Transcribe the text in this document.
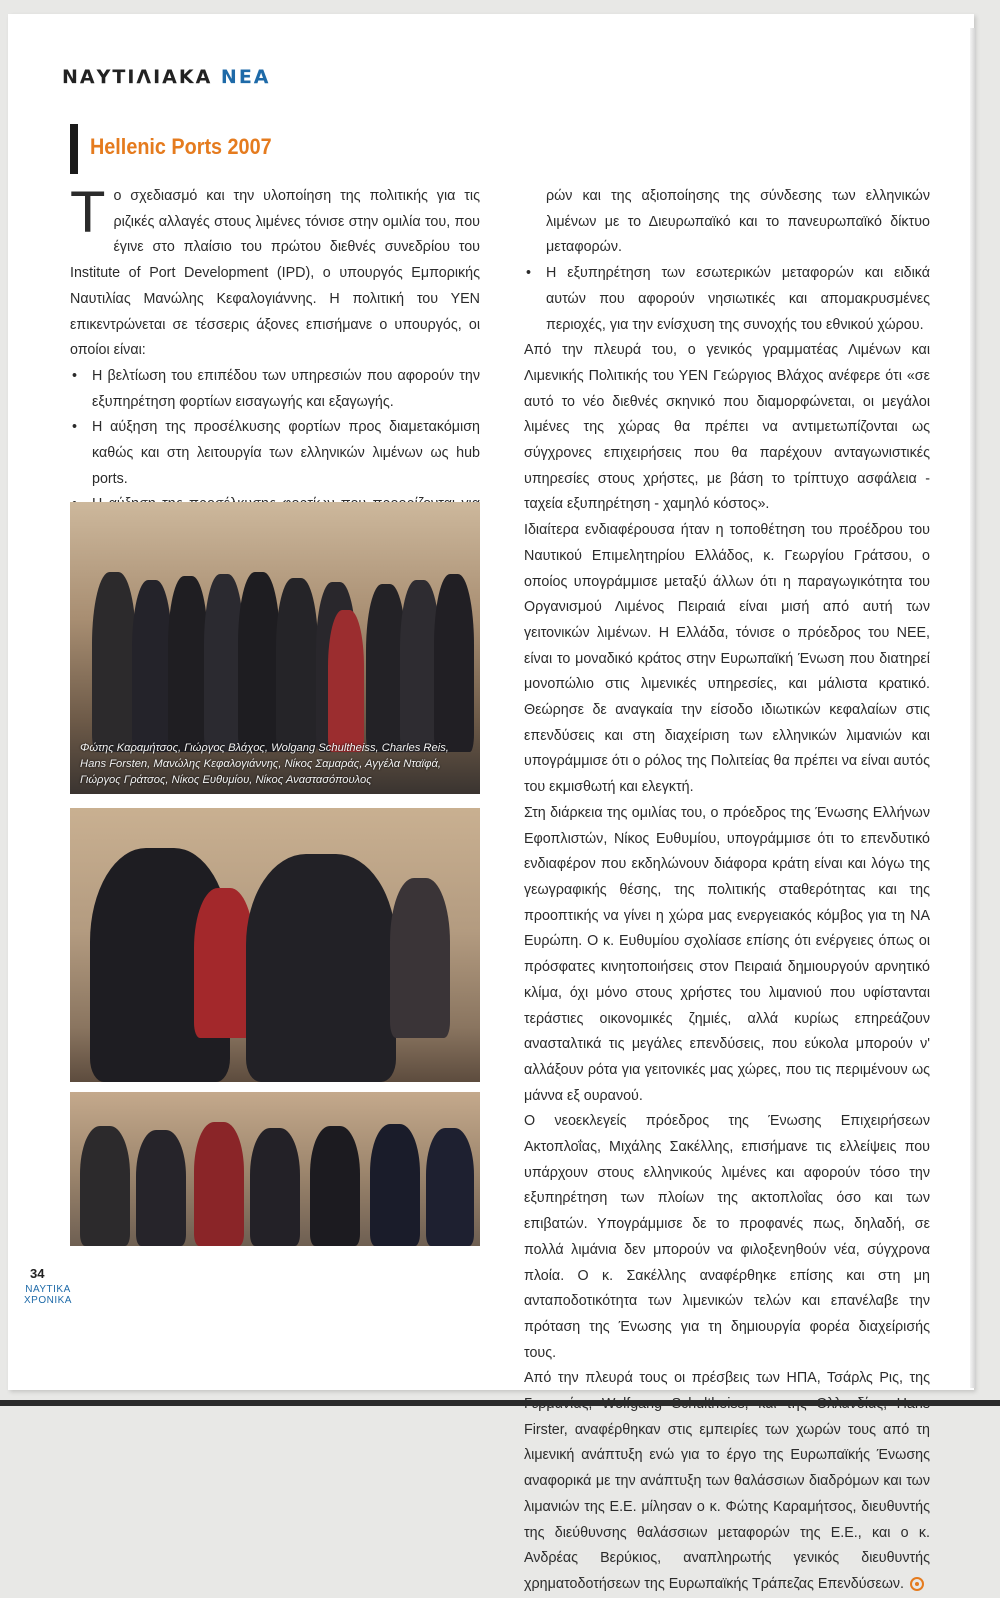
ΝΑΥΤΙΛΙΑΚΑ ΝΕΑ
Hellenic Ports 2007

Το σχεδιασμό και την υλοποίηση της πολιτικής για τις ριζικές αλλαγές στους λιμένες τόνισε στην ομιλία του, που έγινε στο πλαίσιο του πρώτου διεθνές συνεδρίου του Institute of Port Development (IPD), ο υπουργός Εμπορικής Ναυτιλίας Μανώλης Κεφαλογιάννης. Η πολιτική του ΥΕΝ επικεντρώνεται σε τέσσερις άξονες επισήμανε ο υπουργός, οι οποίοι είναι:

• Η βελτίωση του επιπέδου των υπηρεσιών που αφορούν την εξυπηρέτηση φορτίων εισαγωγής και εξαγωγής.
• Η αύξηση της προσέλκυσης φορτίων προς διαμετακόμιση καθώς και στη λειτουργία των ελληνικών λιμένων ως hub ports.
•
Φώτης Καραμήτσος, Γιώργος Βλάχος, Wolgang Schultheiss, Charles Reis, Hans Forsten, Μανώλης Κεφαλογιάννης, Νίκος Σαμαράς, Αγγέλα Νταϊφά, Γιώργος Γράτσος, Νίκος Ευθυμίου, Νίκος Αναστασόπουλος

ρών και της αξιοποίησης της σύνδεσης των ελληνικών λιμένων με το Διευρωπαϊκό και το πανευρωπαϊκό δίκτυο μεταφορών.

• Η εξυπηρέτηση των εσωτερικών μεταφορών και ειδικά αυτών που αφορούν νησιωτικές και απομακρυσμένες περιοχές, για την ενίσχυση της συνοχής του εθνικού χώρου.

Από την πλευρά του, ο γενικός γραμματέας Λιμένων και Λιμενικής Πολιτικής του ΥΕΝ Γεώργιος Βλάχος ανέφερε ότι «σε αυτό το νέο διεθνές σκηνικό που διαμορφώνεται, οι μεγάλοι λιμένες της χώρας θα πρέπει να αντιμετωπίζονται ως σύγχρονες επιχειρήσεις που θα παρέχουν ανταγωνιστικές υπηρεσίες στους χρήστες, με βάση το τρίπτυχο ασφάλεια - ταχεία εξυπηρέτηση - χαμηλό κόστος».

Ιδιαίτερα ενδιαφέρουσα ήταν η τοποθέτηση του προέδρου του Ναυτικού Επιμελητηρίου Ελλάδος, κ. Γεωργίου Γράτσου, ο οποίος υπογράμμισε μεταξύ άλλων ότι η παραγωγικότητα του Οργανισμού Λιμένος Πειραιά είναι μισή από αυτή των γειτονικών λιμένων. Η Ελλάδα, τόνισε ο πρόεδρος του ΝΕΕ, είναι το μοναδικό κράτος στην Ευρωπαϊκή Ένωση που διατηρεί μονοπώλιο στις λιμενικές υπηρεσίες, και μάλιστα κρατικό. Θεώρησε δε αναγκαία την είσοδο ιδιωτικών κεφαλαίων στις επενδύσεις και στη διαχείριση των ελληνικών λιμανιών και υπογράμμισε ότι ο ρόλος της Πολιτείας θα πρέπει να είναι αυτός του εκμισθωτή και ελεγκτή.

Στη διάρκεια της ομιλίας του, ο πρόεδρος της Ένωσης Ελλήνων Εφοπλιστών, Νίκος Ευθυμίου, υπογράμμισε ότι το επενδυτικό ενδιαφέρον που εκδηλώνουν διάφορα κράτη είναι και λόγω της γεωγραφικής θέσης, της πολιτικής σταθερότητας και της προοπτικής να γίνει η χώρα μας ενεργειακός κόμβος για τη ΝΑ Ευρώπη. Ο κ. Ευθυμίου σχολίασε επίσης ότι ενέργειες όπως οι πρόσφατες κινητοποιήσεις στον Πειραιά δημιουργούν αρνητικό κλίμα, όχι μόνο στους χρήστες του λιμανιού που υφίστανται τεράστιες οικονομικές ζημιές, αλλά κυρίως επηρεάζουν ανασταλτικά τις μεγάλες επενδύσεις, που εύκολα μπορούν ν' αλλάξουν ρότα για γειτονικές μας χώρες, που τις περιμένουν ως μάννα εξ ουρανού.

Ο νεοεκλεγείς πρόεδρος της Ένωσης Επιχειρήσεων Ακτοπλοΐας, Μιχάλης Σακέλλης, επισήμανε τις ελλείψεις που υπάρχουν στους ελληνικούς λιμένες και αφορούν τόσο την εξυπηρέτηση των πλοίων της ακτοπλοΐας όσο και των επιβατών. Υπογράμμισε δε το προφανές πως, δηλαδή, σε πολλά λιμάνια δεν μπορούν να φιλοξενηθούν νέα, σύγχρονα πλοία. Ο κ. Σακέλλης αναφέρθηκε επίσης και στη μη ανταποδοτικότητα των λιμενικών τελών και επανέλαβε την πρόταση της Ένωσης για τη δημιουργία φορέα διαχείρισής τους.

Από την πλευρά τους οι πρέσβεις των ΗΠΑ, Τσάρλς Ρις, της Firster, αναφέρθηκαν στις εμπειρίες των χωρών τους από τη λιμενική ανάπτυξη ενώ για το έργο της Ευρωπαϊκής Ένωσης αναφορικά με την ανάπτυξη των θαλάσσιων διαδρόμων και των λιμανιών της Ε.Ε. μίλησαν ο κ. Φώτης Καραμήτσος, διευθυντής της διεύθυνσης θαλάσσιων μεταφορών της Ε.Ε., και ο κ. Ανδρέας Βερύκιος, αναπληρωτής γενικός διευθυντής χρηματοδοτήσεων της Ευρωπαϊκής Τράπεζας Επενδύσεων.

34
ΝΑΥΤΙΚΑ
ΧΡΟΝΙΚΑ
